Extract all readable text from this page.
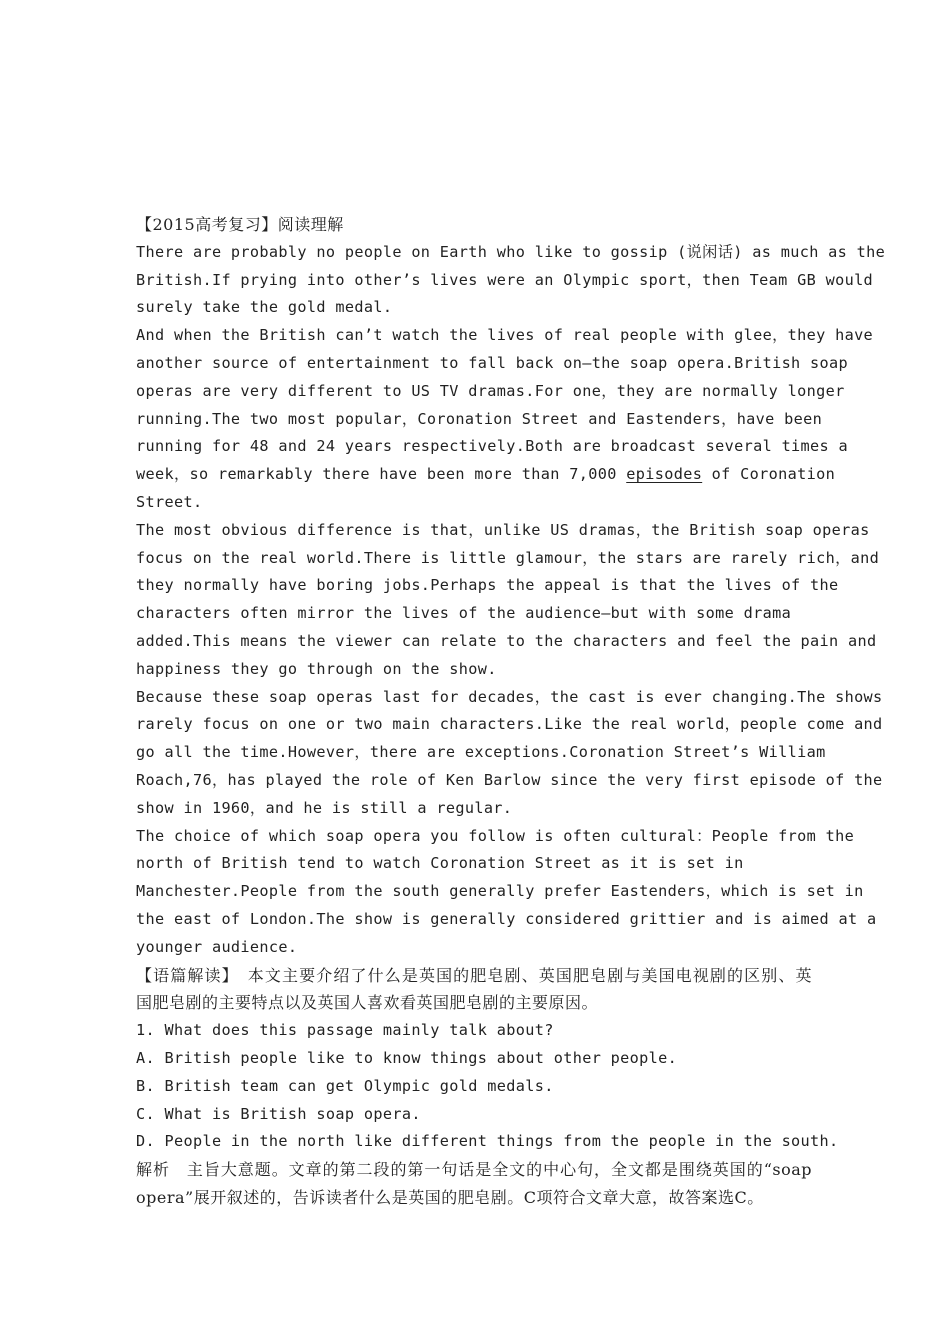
【2015高考复习】阅读理解
There are probably no people on Earth who like to gossip (说闲话) as much as the
British.If prying into other’s lives were an Olympic sport，then Team GB would
surely take the gold medal.
And when the British can’t watch the lives of real people with glee，they have
another source of entertainment to fall back on—the soap opera.British soap
operas are very different to US TV dramas.For one，they are normally longer
running.The two most popular，Coronation Street and Eastenders，have been
running for 48 and 24 years respectively.Both are broadcast several times a
week，so remarkably there have been more than 7,000 episodes of Coronation
Street.
The most obvious difference is that，unlike US dramas，the British soap operas
focus on the real world.There is little glamour，the stars are rarely rich，and
they normally have boring jobs.Perhaps the appeal is that the lives of the
characters often mirror the lives of the audience—but with some drama
added.This means the viewer can relate to the characters and feel the pain and
happiness they go through on the show.
Because these soap operas last for decades，the cast is ever changing.The shows
rarely focus on one or two main characters.Like the real world，people come and
go all the time.However，there are exceptions.Coronation Street’s William
Roach,76，has played the role of Ken Barlow since the very first episode of the
show in 1960，and he is still a regular.
The choice of which soap opera you follow is often cultural：People from the
north of British tend to watch Coronation Street as it is set in
Manchester.People from the south generally prefer Eastenders，which is set in
the east of London.The show is generally considered grittier and is aimed at a
younger audience.
【语篇解读】　本文主要介绍了什么是英国的肥皂剧、英国肥皂剧与美国电视剧的区别、英
国肥皂剧的主要特点以及英国人喜欢看英国肥皂剧的主要原因。
1. What does this passage mainly talk about?
A. British people like to know things about other people.
B. British team can get Olympic gold medals.
C. What is British soap opera.
D. People in the north like different things from the people in the south.
解析　主旨大意题。文章的第二段的第一句话是全文的中心句，全文都是围绕英国的“soap
opera”展开叙述的，告诉读者什么是英国的肥皂剧。C项符合文章大意，故答案选C。
